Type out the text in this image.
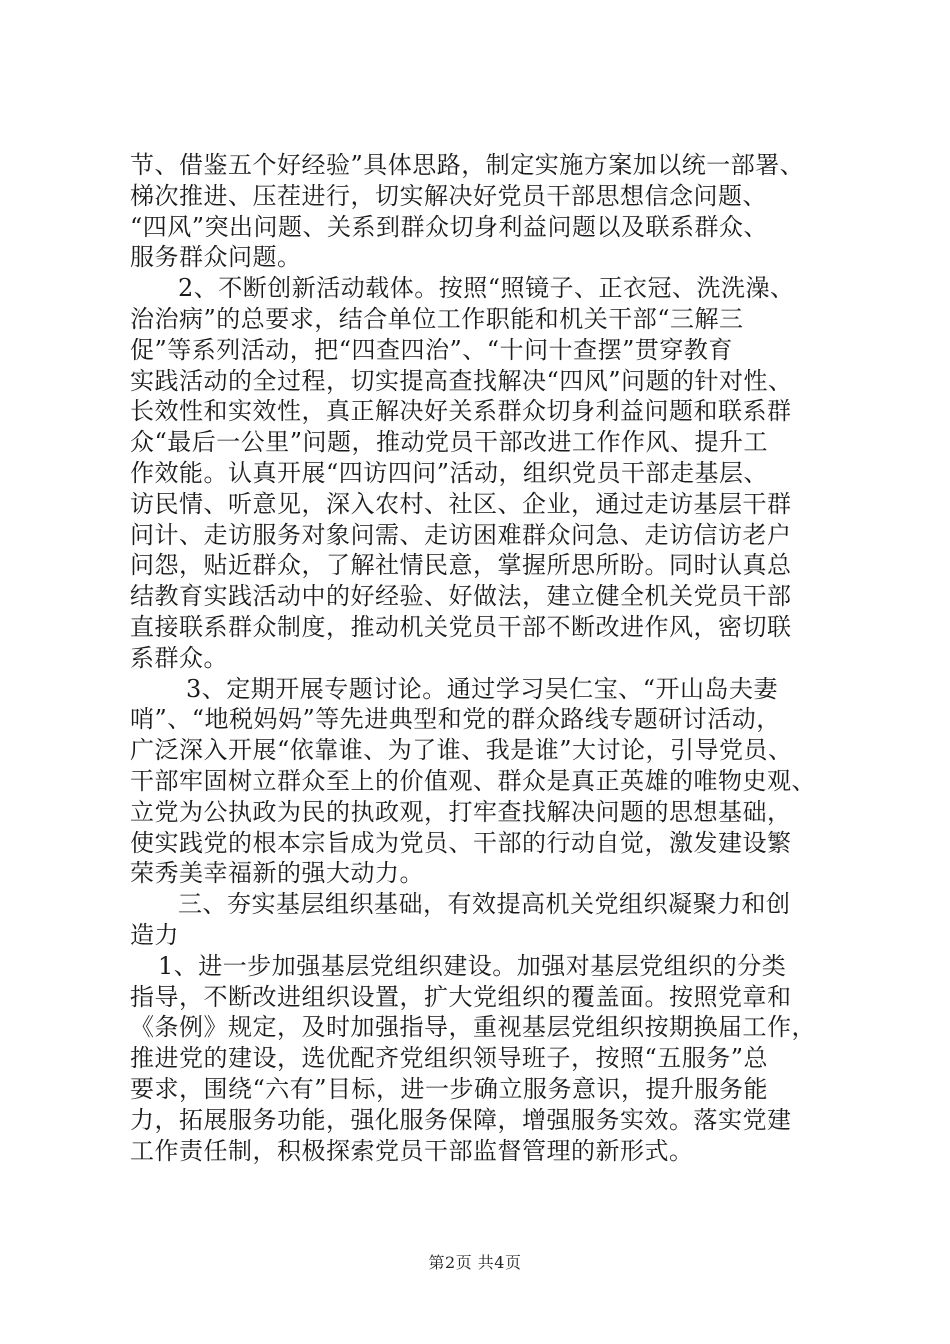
节、借鉴五个好经验”具体思路，制定实施方案加以统一部署、
梯次推进、压茬进行，切实解决好党员干部思想信念问题、
“四风”突出问题、关系到群众切身利益问题以及联系群众、
服务群众问题。

2、不断创新活动载体。按照“照镜子、正衣冠、洗洗澡、
治治病”的总要求，结合单位工作职能和机关干部“三解三
促”等系列活动，把“四查四治”、“十问十查摆”贯穿教育
实践活动的全过程，切实提高查找解决“四风”问题的针对性、
长效性和实效性，真正解决好关系群众切身利益问题和联系群
众“最后一公里”问题，推动党员干部改进工作作风、提升工
作效能。认真开展“四访四问”活动，组织党员干部走基层、
访民情、听意见，深入农村、社区、企业，通过走访基层干群
问计、走访服务对象问需、走访困难群众问急、走访信访老户
问怨，贴近群众，了解社情民意，掌握所思所盼。同时认真总
结教育实践活动中的好经验、好做法，建立健全机关党员干部
直接联系群众制度，推动机关党员干部不断改进作风，密切联
系群众。

3、定期开展专题讨论。通过学习吴仁宝、“开山岛夫妻
哨”、“地税妈妈”等先进典型和党的群众路线专题研讨活动，
广泛深入开展“依靠谁、为了谁、我是谁”大讨论，引导党员、
干部牢固树立群众至上的价值观、群众是真正英雄的唯物史观、
立党为公执政为民的执政观，打牢查找解决问题的思想基础，
使实践党的根本宗旨成为党员、干部的行动自觉，激发建设繁
荣秀美幸福新的强大动力。

三、夯实基层组织基础，有效提高机关党组织凝聚力和创
造力

1、进一步加强基层党组织建设。加强对基层党组织的分类
指导，不断改进组织设置，扩大党组织的覆盖面。按照党章和
《条例》规定，及时加强指导，重视基层党组织按期换届工作，
推进党的建设，选优配齐党组织领导班子，按照“五服务”总
要求，围绕“六有”目标，进一步确立服务意识，提升服务能
力，拓展服务功能，强化服务保障，增强服务实效。落实党建
工作责任制，积极探索党员干部监督管理的新形式。

第2页 共4页
